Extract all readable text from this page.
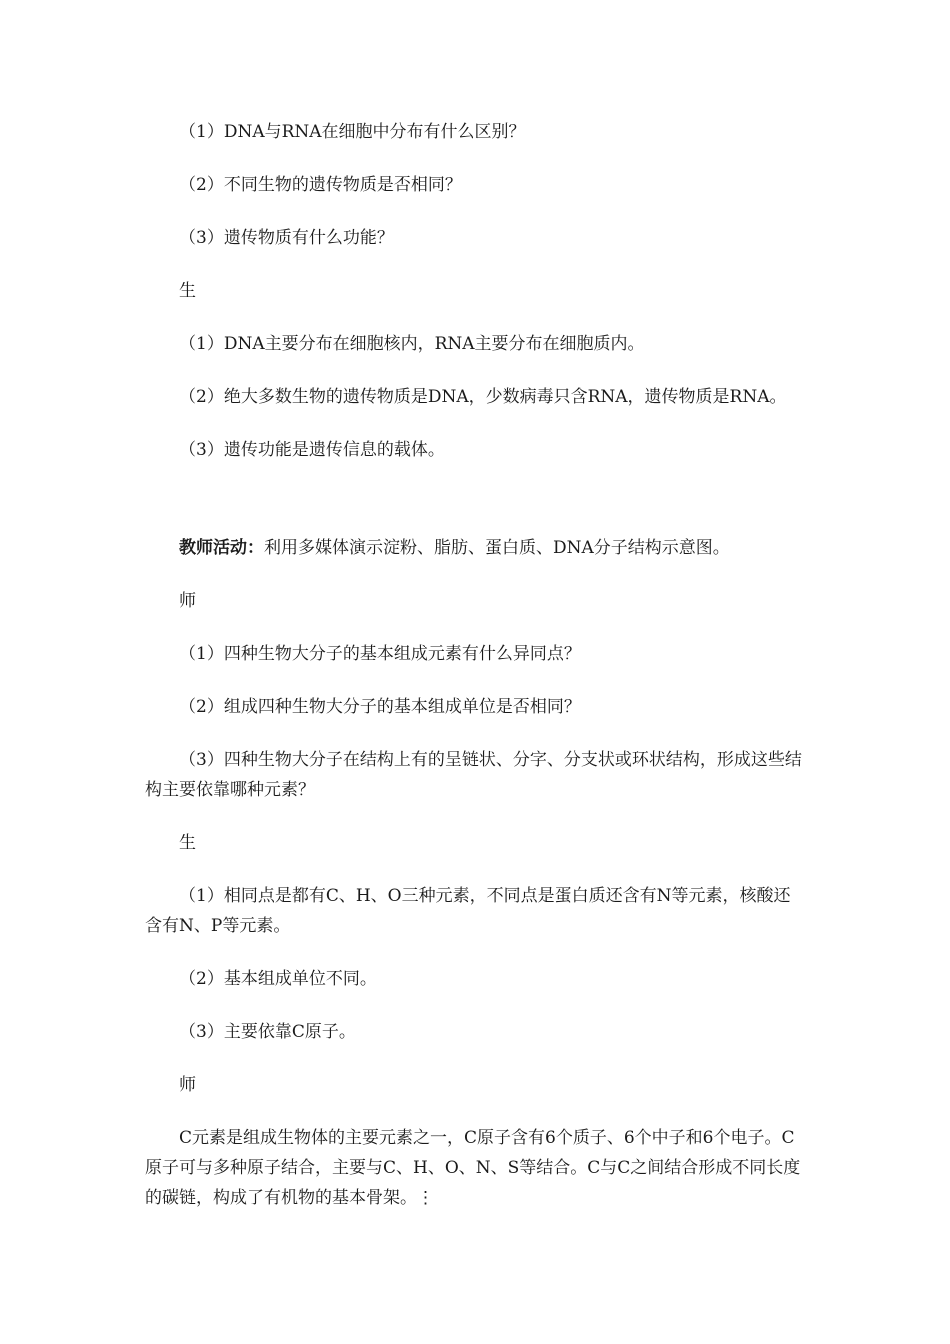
（1）DNA与RNA在细胞中分布有什么区别？

（2）不同生物的遗传物质是否相同？

（3）遗传物质有什么功能？

生

（1）DNA主要分布在细胞核内，RNA主要分布在细胞质内。

（2）绝大多数生物的遗传物质是DNA，少数病毒只含RNA，遗传物质是RNA。

（3）遗传功能是遗传信息的载体。

教师活动：利用多媒体演示淀粉、脂肪、蛋白质、DNA分子结构示意图。

师

（1）四种生物大分子的基本组成元素有什么异同点？

（2）组成四种生物大分子的基本组成单位是否相同？

（3）四种生物大分子在结构上有的呈链状、分字、分支状或环状结构，形成这些结构主要依靠哪种元素？

生

（1）相同点是都有C、H、O三种元素，不同点是蛋白质还含有N等元素，核酸还含有N、P等元素。

（2）基本组成单位不同。

（3）主要依靠C原子。

师

C元素是组成生物体的主要元素之一，C原子含有6个质子、6个中子和6个电子。C原子可与多种原子结合，主要与C、H、O、N、S等结合。C与C之间结合形成不同长度的碳链，构成了有机物的基本骨架。⋮
